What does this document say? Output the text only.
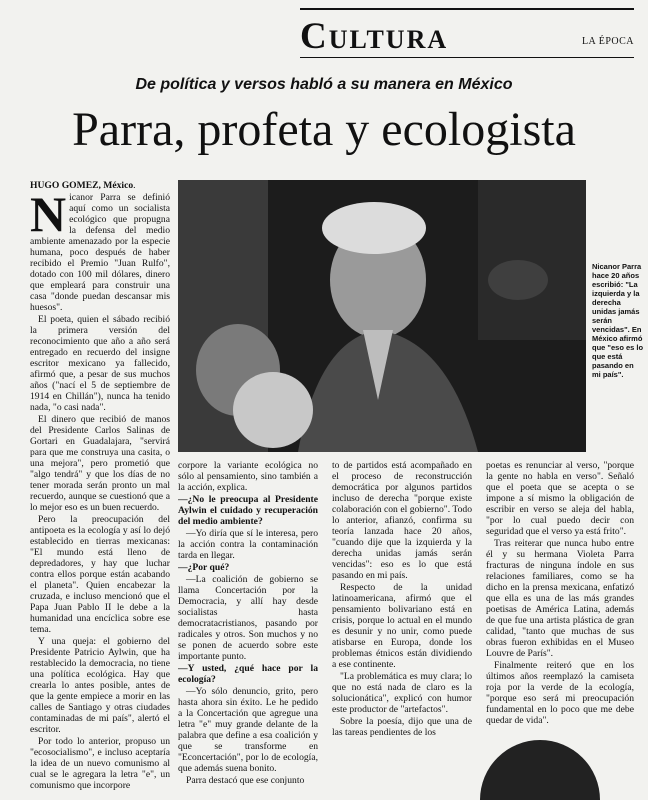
Cultura	LA ÉPOCA
De política y versos habló a su manera en México
Parra, profeta y ecologista

HUGO GOMEZ, México.

Nicanor Parra se definió aquí como un socialista ecológico que propugna la defensa del medio ambiente amenazado por la especie humana, poco después de haber recibido el Premio "Juan Rulfo", dotado con 100 mil dólares, dinero que empleará para construir una casa "donde puedan descansar mis huesos".

El poeta, quien el sábado recibió la primera versión del reconocimiento que año a año será entregado en recuerdo del insigne escritor mexicano ya fallecido, afirmó que, a pesar de sus muchos años ("nací el 5 de septiembre de 1914 en Chillán"), nunca ha tenido nada, "o casi nada".

El dinero que recibió de manos del Presidente Carlos Salinas de Gortari en Guadalajara, "servirá para que me construya una casita, o una mejora", pero prometió que "algo tendrá" y que los días de no tener morada serán pronto un mal recuerdo, aunque se cuestionó que a lo mejor eso es un buen recuerdo.

Pero la preocupación del antipoeta es la ecología y así lo dejó establecido en tierras mexicanas: "El mundo está lleno de depredadores, y hay que luchar contra ellos porque están acabando el planeta". Quien encabezar la cruzada, e incluso mencionó que el Papa Juan Pablo II le debe a la humanidad una encíclica sobre ese tema.

Y una queja: el gobierno del Presidente Patricio Aylwin, que ha restablecido la democracia, no tiene una política ecológica. Hay que crearla lo antes posible, antes de que la gente empiece a morir en las calles de Santiago y otras ciudades contaminadas de mi país", alertó el escritor.

Por todo lo anterior, propuso un "ecosocialismo", e incluso aceptaría la idea de un nuevo comunismo al cual se le agregara la letra "e", un comunismo que incorpore

Nicanor Parra hace 20 años escribió: "La izquierda y la derecha unidas jamás serán vencidas". En México afirmó que "eso es lo que está pasando en mi país".

corpore la variante ecológica no sólo al pensamiento, sino también a la acción, explica.

—¿No le preocupa al Presidente Aylwin el cuidado y recuperación del medio ambiente?

—Yo diría que sí le interesa, pero la acción contra la contaminación tarda en llegar.

—¿Por qué?

—La coalición de gobierno se llama Concertación por la Democracia, y allí hay desde socialistas hasta democratacristianos, pasando por radicales y otros. Son muchos y no se ponen de acuerdo sobre este importante punto.

—Y usted, ¿qué hace por la ecología?

—Yo sólo denuncio, grito, pero hasta ahora sin éxito. Le he pedido a la Concertación que agregue una letra "e" muy grande delante de la palabra que define a esa coalición y que se transforme en "Econcertación", por lo de ecología, que además suena bonito.

Parra destacó que ese conjunto

to de partidos está acompañado en el proceso de reconstrucción democrática por algunos partidos incluso de derecha "porque existe colaboración con el gobierno". Todo lo anterior, afianzó, confirma su teoría lanzada hace 20 años, "cuando dije que la izquierda y la derecha unidas jamás serán vencidas": eso es lo que está pasando en mi país.

Respecto de la unidad latinoamericana, afirmó que el pensamiento bolivariano está en crisis, porque lo actual en el mundo es desunir y no unir, como puede atisbarse en Europa, donde los problemas étnicos están dividiendo a ese continente.

"La problemática es muy clara; lo que no está nada de claro es la solucionática", explicó con humor este productor de "artefactos".

Sobre la poesía, dijo que una de las tareas pendientes de los

poetas es renunciar al verso, "porque la gente no habla en verso". Señaló que el poeta que se acepta o se impone a sí mismo la obligación de escribir en verso se aleja del habla, "por lo cual puedo decir con seguridad que el verso ya está frito".

Tras reiterar que nunca hubo entre él y su hermana Violeta Parra fracturas de ninguna índole en sus relaciones familiares, como se ha dicho en la prensa mexicana, enfatizó que ella es una de las más grandes poetisas de América Latina, además de que fue una artista plástica de gran calidad, "tanto que muchas de sus obras fueron exhibidas en el Museo Louvre de París".

Finalmente reiteró que en los últimos años reemplazó la camiseta roja por la verde de la ecología, "porque eso será mi preocupación fundamental en lo poco que me debe quedar de vida".
